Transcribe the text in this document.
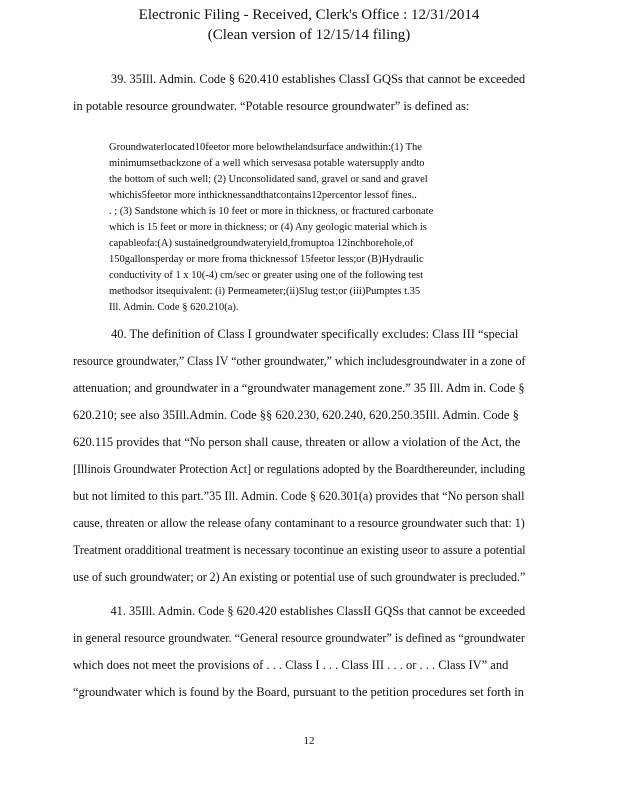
Electronic Filing - Received, Clerk's Office : 12/31/2014
(Clean version of 12/15/14 filing)
39. 35Ill. Admin. Code § 620.410 establishes ClassI GQSs that cannot be exceeded
in potable resource groundwater. “Potable resource groundwater” is defined as:
Groundwaterlocated10feetor more belowthelandsurface andwithin:(1) The
minimumsetbackzone of a well which servesasa potable watersupply andto
the bottom of such well; (2) Unconsolidated sand, gravel or sand and gravel
whichis5feetor more inthicknessandthatcontains12percentor lessof fines..
. ; (3) Sandstone which is 10 feet or more in thickness, or fractured carbonate
which is 15 feet or more in thickness; or (4) Any geologic material which is
capableofa:(A) sustainedgroundwateryield,fromuptoa 12inchborehole,of
150gallonsperday or more froma thicknessof 15feetor less;or (B)Hydraulic
conductivity of 1 x 10(-4) cm/sec or greater using one of the following test
methodsor itsequivalent: (i) Permeameter;(ii)Slug test;or (iii)Pumptes t.35
Ill. Admin. Code § 620.210(a).
40. The definition of Class I groundwater specifically excludes: Class III “special
resource groundwater,” Class IV “other groundwater,” which includesgroundwater in a zone of
attenuation; and groundwater in a “groundwater management zone.” 35 Ill. Adm in. Code §
620.210; see also 35Ill.Admin. Code §§ 620.230, 620.240, 620.250.35Ill. Admin. Code §
620.115 provides that “No person shall cause, threaten or allow a violation of the Act, the
[Illinois Groundwater Protection Act] or regulations adopted by the Boardthereunder, including
but not limited to this part.”35 Ill. Admin. Code § 620.301(a) provides that “No person shall
cause, threaten or allow the release ofany contaminant to a resource groundwater such that: 1)
Treatment oradditional treatment is necessary tocontinue an existing useor to assure a potential
use of such groundwater; or 2) An existing or potential use of such groundwater is precluded.”
41. 35Ill. Admin. Code § 620.420 establishes ClassII GQSs that cannot be exceeded
in general resource groundwater. “General resource groundwater” is defined as “groundwater
which does not meet the provisions of . . . Class I . . . Class III . . . or . . . Class IV” and
“groundwater which is found by the Board, pursuant to the petition procedures set forth in
12
